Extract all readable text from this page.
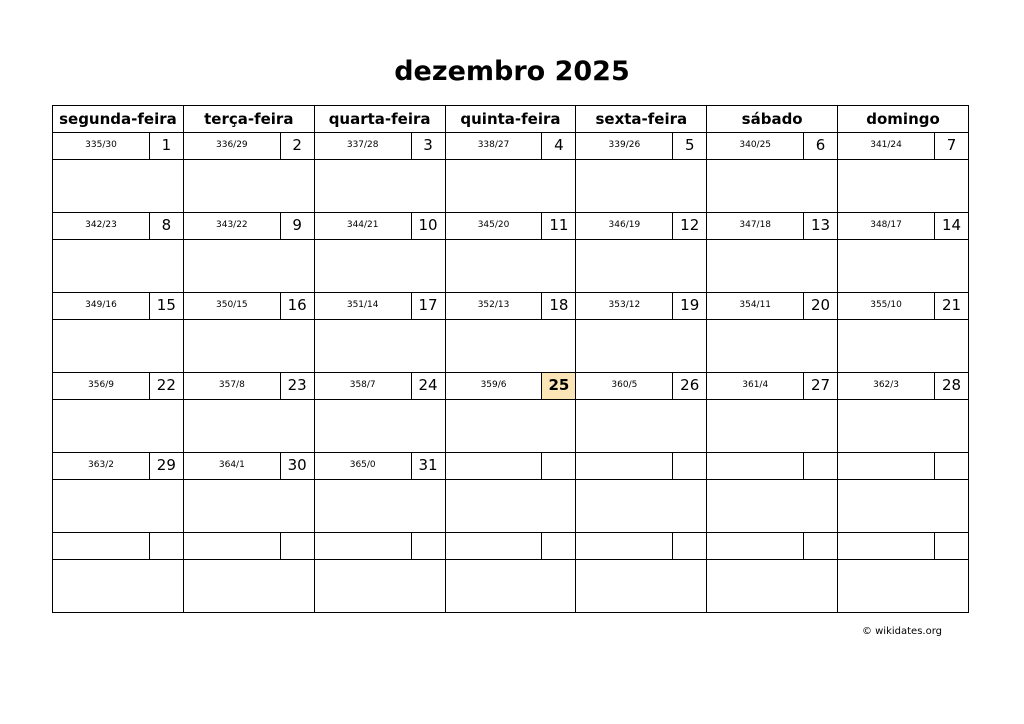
dezembro 2025
segunda-feira	terça-feira	quarta-feira	quinta-feira	sexta-feira	sábado	domingo

335/30 1	336/29 2	337/28 3	338/27 4	339/26 5	340/25 6	341/24 7

342/23 8	343/22 9	344/21 10	345/20 11	346/19 12	347/18 13	348/17 14

349/16 15	350/15 16	351/14 17	352/13 18	353/12 19	354/11 20	355/10 21

356/9 22	357/8 23	358/7 24	359/6 25	360/5 26	361/4 27	362/3 28

363/2 29	364/1 30	365/0 31				

© wikidates.org
